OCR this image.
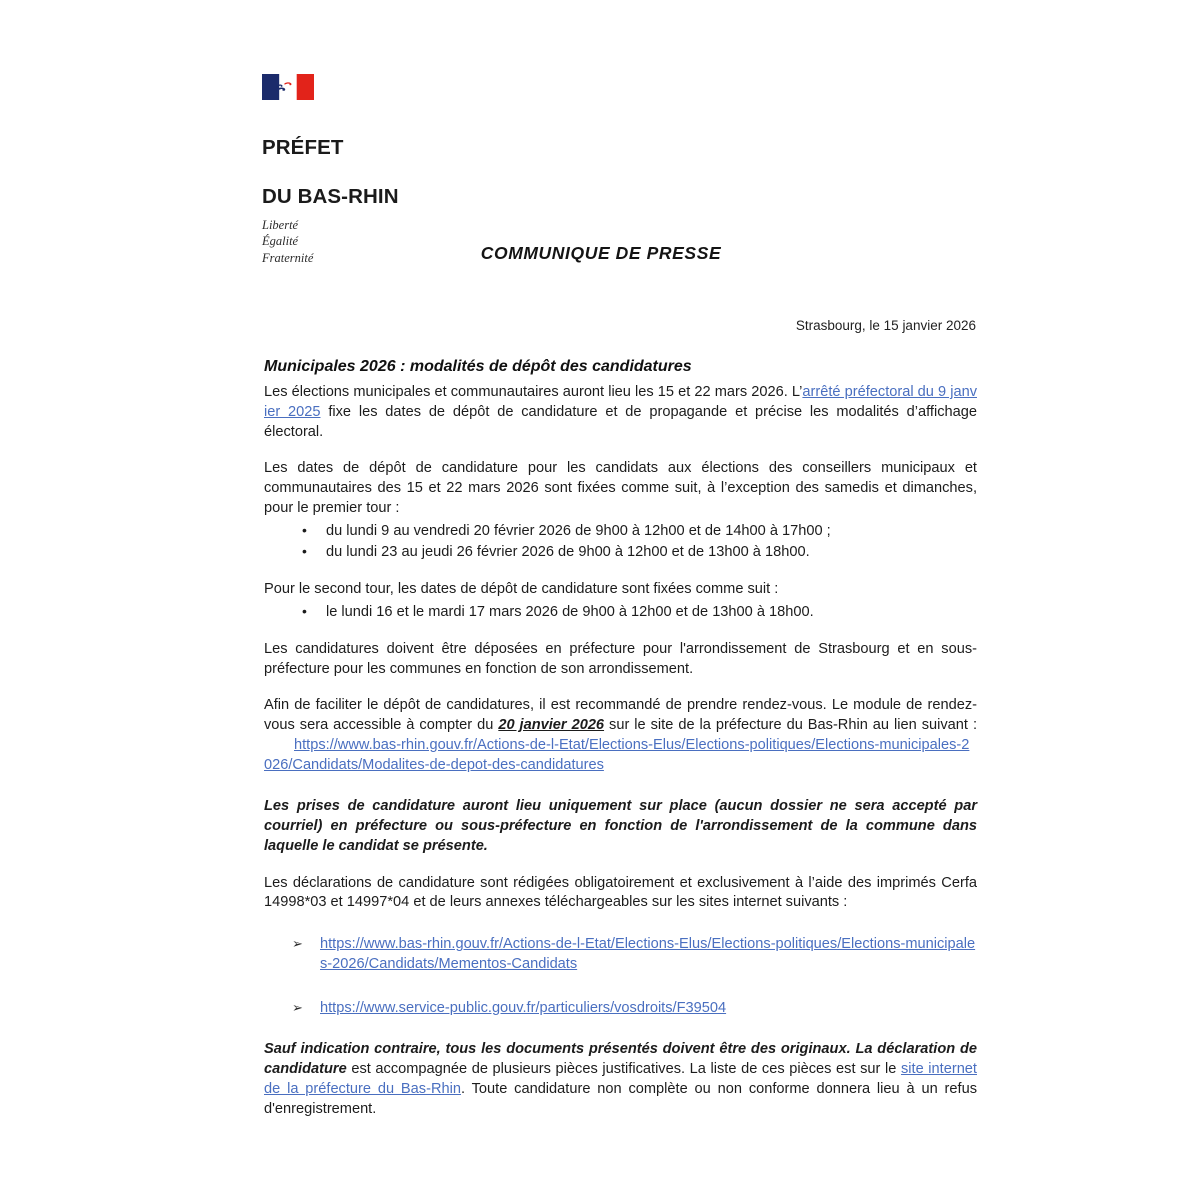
PRÉFET

DU BAS-RHIN

Liberté
Égalité
Fraternité	COMMUNIQUE DE PRESSE
Strasbourg, le 15 janvier 2026
Municipales 2026 : modalités de dépôt des candidatures

Les élections municipales et communautaires auront lieu les 15 et 22 mars 2026. L’arrêté préfectoral du 9 janvier 2025 fixe les dates de dépôt de candidature et de propagande et précise les modalités d’affichage électoral.

Les dates de dépôt de candidature pour les candidats aux élections des conseillers municipaux et communautaires des 15 et 22 mars 2026 sont fixées comme suit, à l’exception des samedis et dimanches, pour le premier tour :

• du lundi 9 au vendredi 20 février 2026 de 9h00 à 12h00 et de 14h00 à 17h00 ;
• du lundi 23 au jeudi 26 février 2026 de 9h00 à 12h00 et de 13h00 à 18h00.

Pour le second tour, les dates de dépôt de candidature sont fixées comme suit :

• le lundi 16 et le mardi 17 mars 2026 de 9h00 à 12h00 et de 13h00 à 18h00.

Les candidatures doivent être déposées en préfecture pour l'arrondissement de Strasbourg et en sous-préfecture pour les communes en fonction de son arrondissement.

Afin de faciliter le dépôt de candidatures, il est recommandé de prendre rendez-vous. Le module de rendez-vous sera accessible à compter du 20 janvier 2026 sur le site de la préfecture du Bas-Rhin au lien suivant : https://www.bas-rhin.gouv.fr/Actions-de-l-Etat/Elections-Elus/Elections-politiques/Elections-municipales-2026/Candidats/Modalites-de-depot-des-candidatures

Les prises de candidature auront lieu uniquement sur place (aucun dossier ne sera accepté par courriel) en préfecture ou sous-préfecture en fonction de l'arrondissement de la commune dans laquelle le candidat se présente.

Les déclarations de candidature sont rédigées obligatoirement et exclusivement à l’aide des imprimés Cerfa 14998*03 et 14997*04 et de leurs annexes téléchargeables sur les sites internet suivants :

➢ https://www.bas-rhin.gouv.fr/Actions-de-l-Etat/Elections-Elus/Elections-politiques/Elections-municipales-2026/Candidats/Mementos-Candidats
➢ https://www.service-public.gouv.fr/particuliers/vosdroits/F39504

Sauf indication contraire, tous les documents présentés doivent être des originaux. La déclaration de candidature est accompagnée de plusieurs pièces justificatives. La liste de ces pièces est sur le site internet de la préfecture du Bas-Rhin. Toute candidature non complète ou non conforme donnera lieu à un refus d'enregistrement.
